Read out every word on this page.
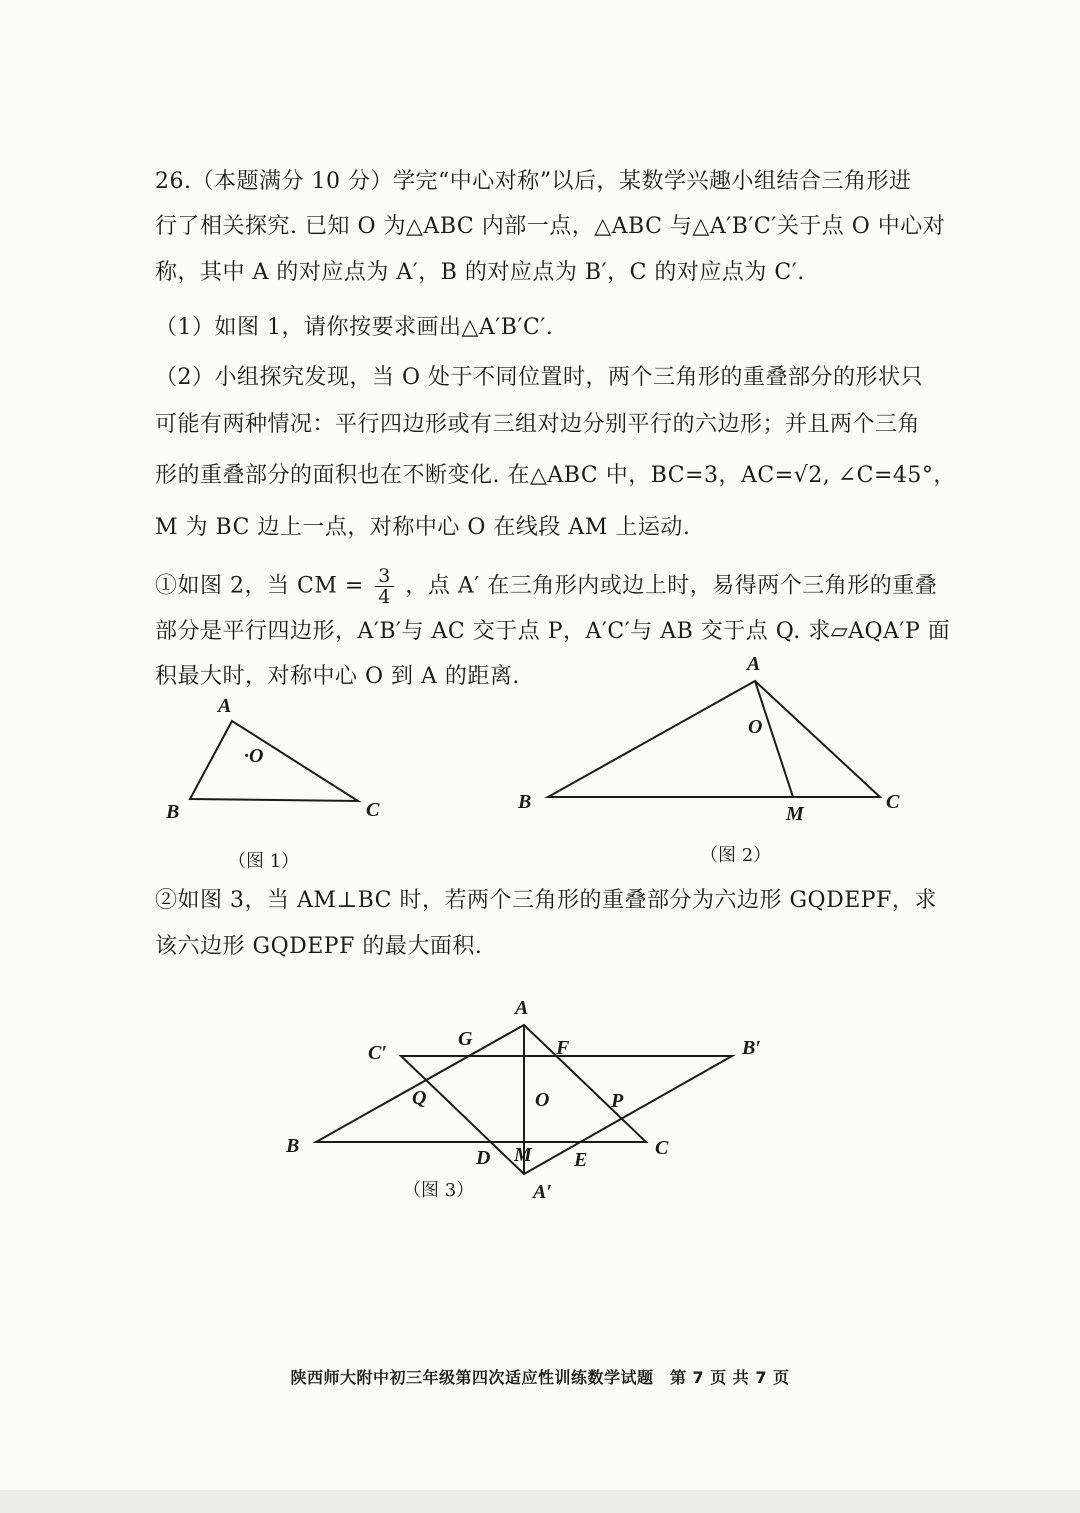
26.（本题满分 10 分）学完“中心对称”以后，某数学兴趣小组结合三角形进
行了相关探究. 已知 O 为△ABC 内部一点，△ABC 与△A′B′C′关于点 O 中心对
称，其中 A 的对应点为 A′，B 的对应点为 B′，C 的对应点为 C′.
（1）如图 1，请你按要求画出△A′B′C′.
（2）小组探究发现，当 O 处于不同位置时，两个三角形的重叠部分的形状只
可能有两种情况：平行四边形或有三组对边分别平行的六边形；并且两个三角
形的重叠部分的面积也在不断变化. 在△ABC 中，BC=3，AC=√2, ∠C=45°，
M 为 BC 边上一点，对称中心 O 在线段 AM 上运动.
①如图 2，当 CM = $\frac{3}{4}$ ，点 A′ 在三角形内或边上时，易得两个三角形的重叠
部分是平行四边形，A′B′与 AC 交于点 P，A′C′与 AB 交于点 Q. 求▱AQA′P 面
积最大时，对称中心 O 到 A 的距离.
②如图 3，当 AM⊥BC 时，若两个三角形的重叠部分为六边形 GQDEPF，求
该六边形 GQDEPF 的最大面积.
A
B	C
·O
A
B	C
O
M
A
B	C
C′	B′
A′
G	F
Q	O	P
D M E
（图 1）	（图 2）
（图 3）
陕西师大附中初三年级第四次适应性训练数学试题　第 7 页 共 7 页
